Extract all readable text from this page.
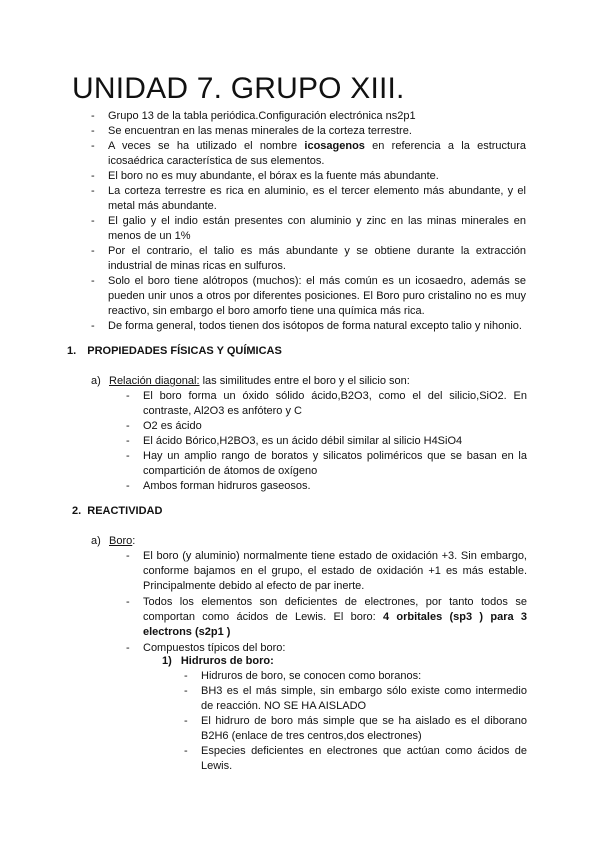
UNIDAD 7. GRUPO XIII.
- Grupo 13 de la tabla periódica.Configuración electrónica ns2p1
- Se encuentran en las menas minerales de la corteza terrestre.
- A veces se ha utilizado el nombre icosagenos en referencia a la estructura icosaédrica característica de sus elementos.
- El boro no es muy abundante, el bórax es la fuente más abundante.
- La corteza terrestre es rica en aluminio, es el tercer elemento más abundante, y el metal más abundante.
- El galio y el indio están presentes con aluminio y zinc en las minas minerales en menos de un 1%
- Por el contrario, el talio es más abundante y se obtiene durante la extracción industrial de minas ricas en sulfuros.
- Solo el boro tiene alótropos (muchos): el más común es un icosaedro, además se pueden unir unos a otros por diferentes posiciones. El Boro puro cristalino no es muy reactivo, sin embargo el boro amorfo tiene una química más rica.
- De forma general, todos tienen dos isótopos de forma natural excepto talio y nihonio.
1. PROPIEDADES FÍSICAS Y QUÍMICAS
a) Relación diagonal: las similitudes entre el boro y el silicio son:
- El boro forma un óxido sólido ácido,B2O3, como el del silicio,SiO2. En contraste, Al2O3 es anfótero y C
- O2 es ácido
- El ácido Bórico,H2BO3, es un ácido débil similar al silicio H4SiO4
- Hay un amplio rango de boratos y silicatos poliméricos que se basan en la compartición de átomos de oxígeno
- Ambos forman hidruros gaseosos.
2. REACTIVIDAD
a) Boro:
- El boro (y aluminio) normalmente tiene estado de oxidación +3. Sin embargo, conforme bajamos en el grupo, el estado de oxidación +1 es más estable. Principalmente debido al efecto de par inerte.
- Todos los elementos son deficientes de electrones, por tanto todos se comportan como ácidos de Lewis. El boro: 4 orbitales (sp3 ) para 3 electrons (s2p1 )
- Compuestos típicos del boro:
1) Hidruros de boro:
- Hidruros de boro, se conocen como boranos:
- BH3 es el más simple, sin embargo sólo existe como intermedio de reacción. NO SE HA AISLADO
- El hidruro de boro más simple que se ha aislado es el diborano B2H6 (enlace de tres centros,dos electrones)
- Especies deficientes en electrones que actúan como ácidos de Lewis.
